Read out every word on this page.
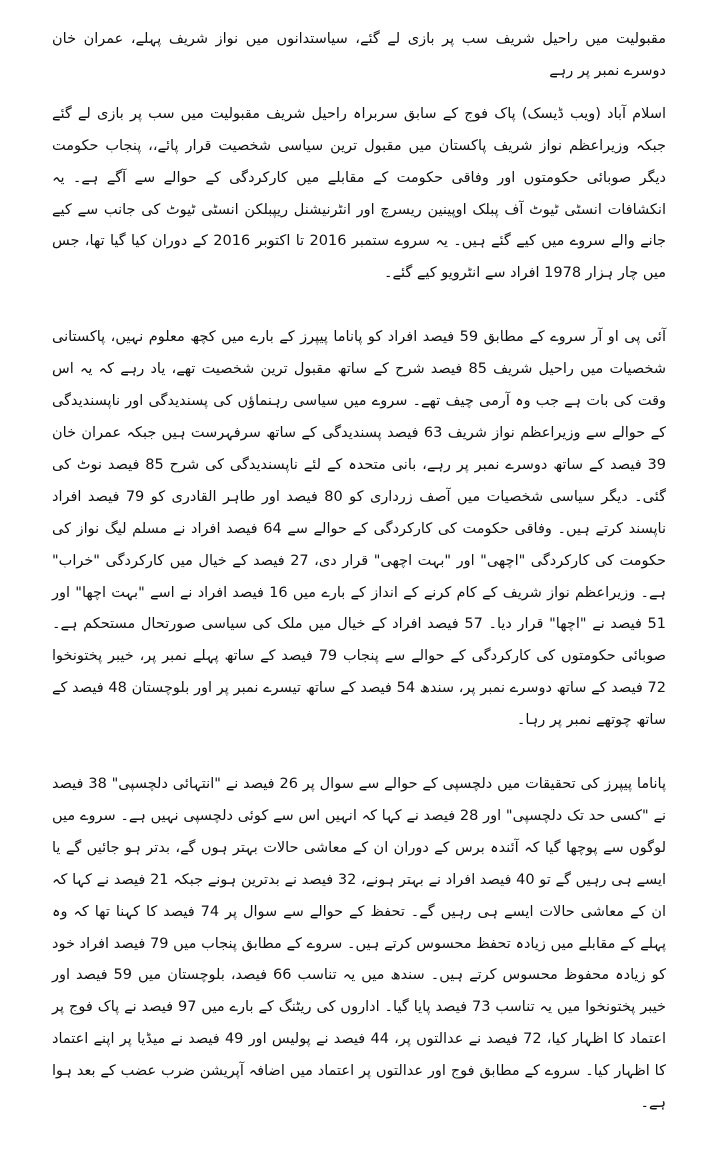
مقبولیت میں راحیل شریف سب پر بازی لے گئے، سیاستدانوں میں نواز شریف پہلے، عمران خان دوسرے نمبر پر رہے

اسلام آباد (ویب ڈیسک) پاک فوج کے سابق سربراہ راحیل شریف مقبولیت میں سب پر بازی لے گئے جبکہ وزیراعظم نواز شریف پاکستان میں مقبول ترین سیاسی شخصیت قرار پائے،، پنجاب حکومت دیگر صوبائی حکومتوں اور وفاقی حکومت کے مقابلے میں کارکردگی کے حوالے سے آگے ہے۔ یہ انکشافات انسٹی ٹیوٹ آف پبلک اوپینین ریسرچ اور انٹرنیشنل ریپبلکن انسٹی ٹیوٹ کی جانب سے کیے جانے والے سروے میں کیے گئے ہیں۔ یہ سروے ستمبر 2016 تا اکتوبر 2016 کے دوران کیا گیا تھا، جس میں چار ہزار 1978 افراد سے انٹرویو کیے گئے۔

آئی پی او آر سروے کے مطابق 59 فیصد افراد کو پاناما پیپرز کے بارے میں کچھ معلوم نہیں، پاکستانی شخصیات میں راحیل شریف 85 فیصد شرح کے ساتھ مقبول ترین شخصیت تھے، یاد رہے کہ یہ اس وقت کی بات ہے جب وہ آرمی چیف تھے۔ سروے میں سیاسی رہنماؤں کی پسندیدگی اور ناپسندیدگی کے حوالے سے وزیراعظم نواز شریف 63 فیصد پسندیدگی کے ساتھ سرفہرست ہیں جبکہ عمران خان 39 فیصد کے ساتھ دوسرے نمبر پر رہے، بانی متحدہ کے لئے ناپسندیدگی کی شرح 85 فیصد نوٹ کی گئی۔ دیگر سیاسی شخصیات میں آصف زرداری کو 80 فیصد اور طاہر القادری کو 79 فیصد افراد ناپسند کرتے ہیں۔ وفاقی حکومت کی کارکردگی کے حوالے سے 64 فیصد افراد نے مسلم لیگ نواز کی حکومت کی کارکردگی "اچھی" اور "بہت اچھی" قرار دی، 27 فیصد کے خیال میں کارکردگی "خراب" ہے۔ وزیراعظم نواز شریف کے کام کرنے کے انداز کے بارے میں 16 فیصد افراد نے اسے "بہت اچھا" اور 51 فیصد نے "اچھا" قرار دیا۔ 57 فیصد افراد کے خیال میں ملک کی سیاسی صورتحال مستحکم ہے۔ صوبائی حکومتوں کی کارکردگی کے حوالے سے پنجاب 79 فیصد کے ساتھ پہلے نمبر پر، خیبر پختونخوا 72 فیصد کے ساتھ دوسرے نمبر پر، سندھ 54 فیصد کے ساتھ تیسرے نمبر پر اور بلوچستان 48 فیصد کے ساتھ چوتھے نمبر پر رہا۔

پاناما پیپرز کی تحقیقات میں دلچسپی کے حوالے سے سوال پر 26 فیصد نے "انتہائی دلچسپی" 38 فیصد نے "کسی حد تک دلچسپی" اور 28 فیصد نے کہا کہ انہیں اس سے کوئی دلچسپی نہیں ہے۔ سروے میں لوگوں سے پوچھا گیا کہ آئندہ برس کے دوران ان کے معاشی حالات بہتر ہوں گے، بدتر ہو جائیں گے یا ایسے ہی رہیں گے تو 40 فیصد افراد نے بہتر ہونے، 32 فیصد نے بدترین ہونے جبکہ 21 فیصد نے کہا کہ ان کے معاشی حالات ایسے ہی رہیں گے۔ تحفظ کے حوالے سے سوال پر 74 فیصد کا کہنا تھا کہ وہ پہلے کے مقابلے میں زیادہ تحفظ محسوس کرتے ہیں۔ سروے کے مطابق پنجاب میں 79 فیصد افراد خود کو زیادہ محفوظ محسوس کرتے ہیں۔ سندھ میں یہ تناسب 66 فیصد، بلوچستان میں 59 فیصد اور خیبر پختونخوا میں یہ تناسب 73 فیصد پایا گیا۔ اداروں کی ریٹنگ کے بارے میں 97 فیصد نے پاک فوج پر اعتماد کا اظہار کیا، 72 فیصد نے عدالتوں پر، 44 فیصد نے پولیس اور 49 فیصد نے میڈیا پر اپنے اعتماد کا اظہار کیا۔ سروے کے مطابق فوج اور عدالتوں پر اعتماد میں اضافہ آپریشن ضرب عضب کے بعد ہوا ہے۔
